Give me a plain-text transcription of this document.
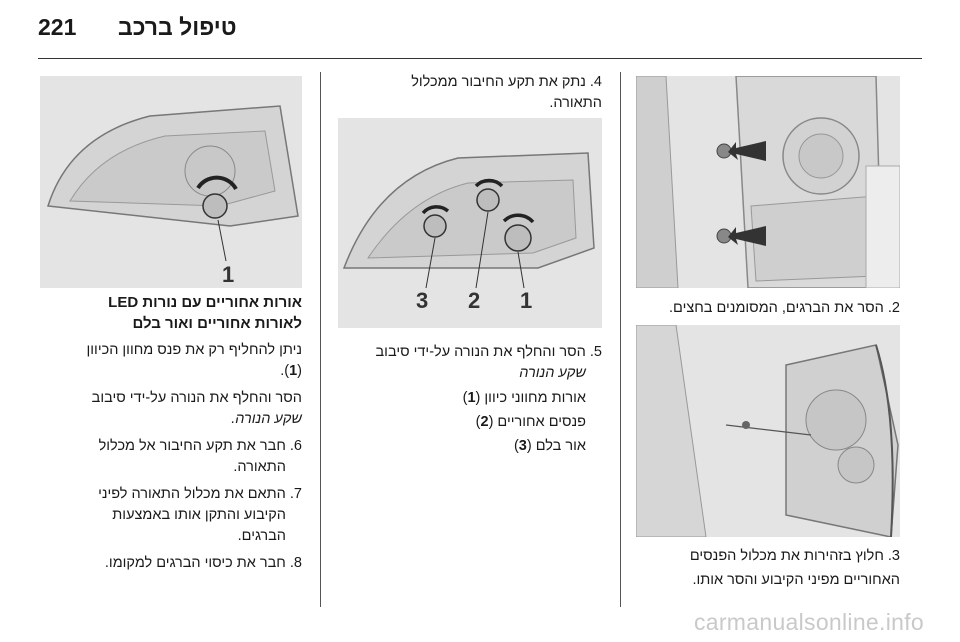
221 טיפול ברכב

2. הסר את הברגים, המסומנים בחצים.

3. חלוץ בזהירות את מכלול הפנסים

האחוריים מפיני הקיבוע והסר אותו.

4. נתק את תקע החיבור ממכלול

התאורה.

3 2 1

5. הסר והחלף את הנורה על-ידי סיבוב

שקע הנורה

אורות מחווני כיוון (1)

פנסים אחוריים (2)

אור בלם (3)

1

אורות אחוריים עם נורות LED

לאורות אחוריים ואור בלם

ניתן להחליף רק את פנס מחוון הכיוון

(1).

הסר והחלף את הנורה על-ידי סיבוב

שקע הנורה.

6. חבר את תקע החיבור אל מכלול

התאורה.

7. התאם את מכלול התאורה לפיני

הקיבוע והתקן אותו באמצעות

הברגים.

8. חבר את כיסוי הברגים למקומו.

carmanualsonline.info
